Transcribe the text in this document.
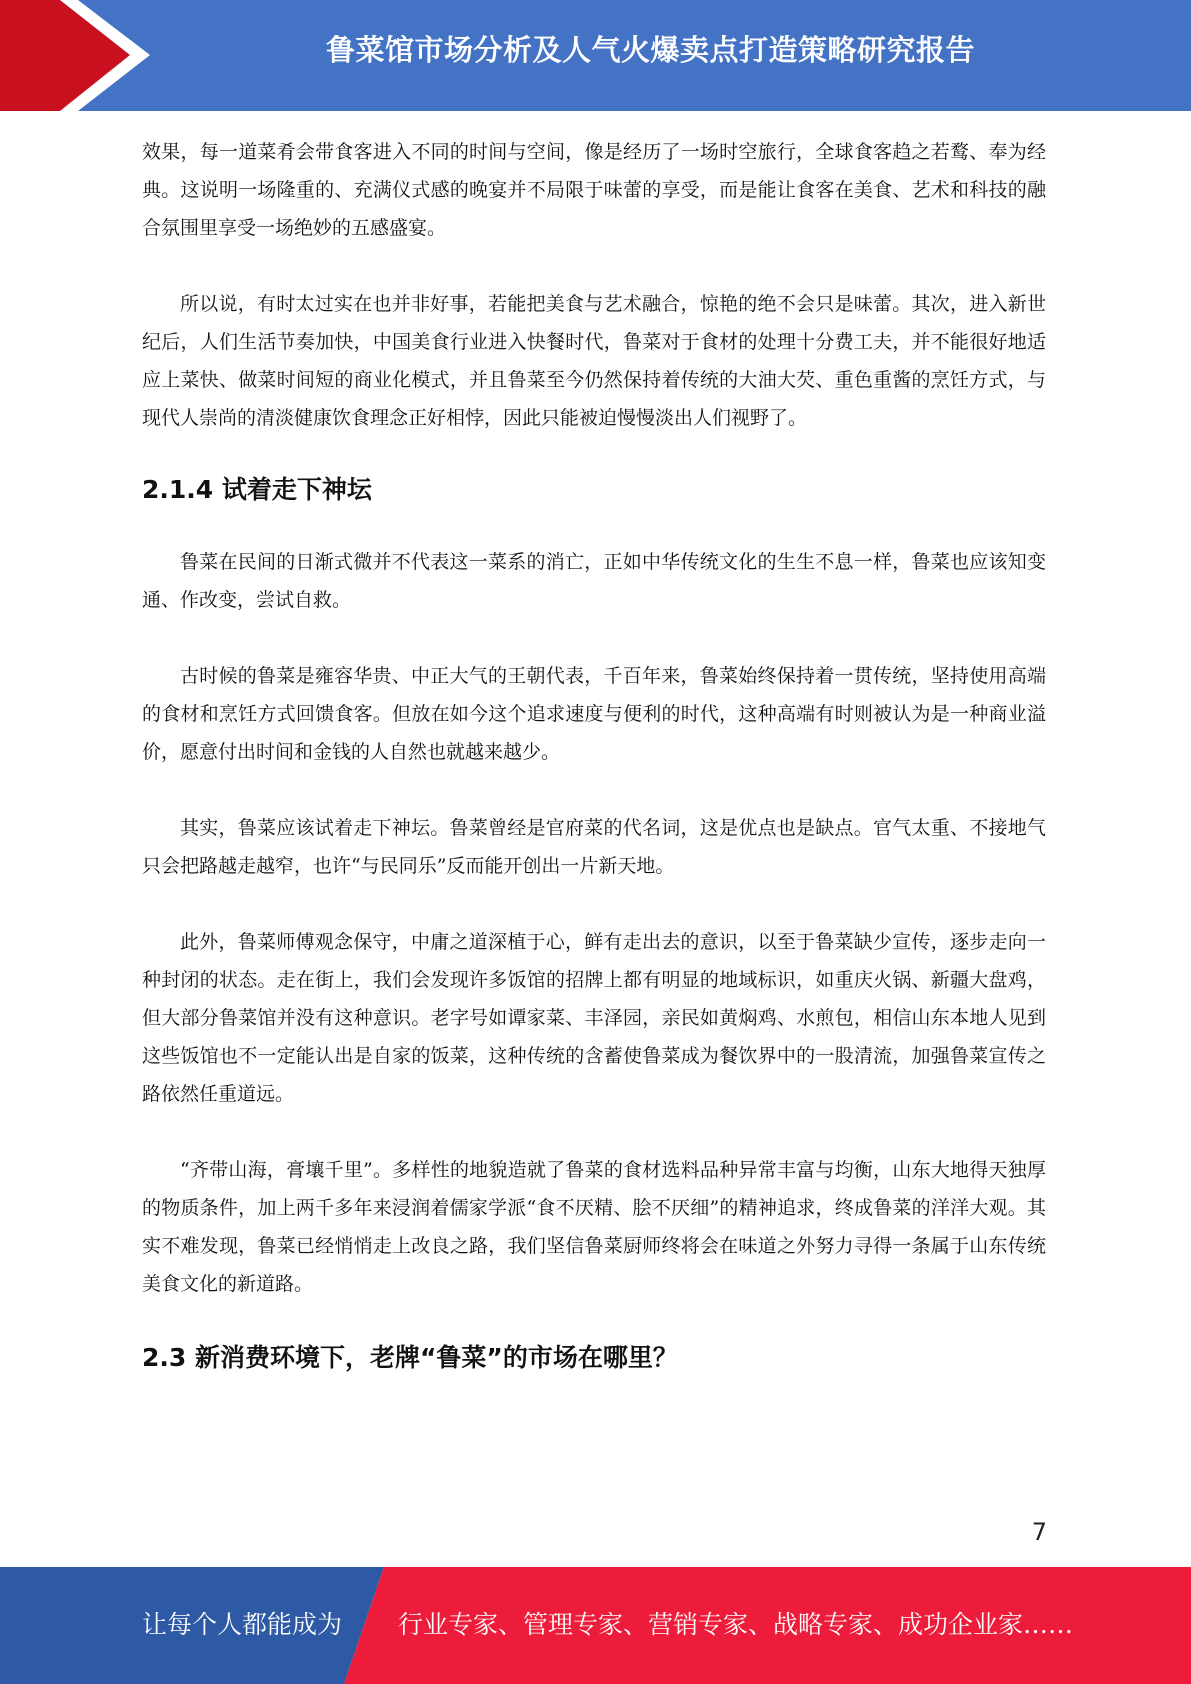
鲁菜馆市场分析及人气火爆卖点打造策略研究报告

效果，每一道菜肴会带食客进入不同的时间与空间，像是经历了一场时空旅行，全球食客趋之若鹜、奉为经典。这说明一场隆重的、充满仪式感的晚宴并不局限于味蕾的享受，而是能让食客在美食、艺术和科技的融合氛围里享受一场绝妙的五感盛宴。

所以说，有时太过实在也并非好事，若能把美食与艺术融合，惊艳的绝不会只是味蕾。其次，进入新世纪后，人们生活节奏加快，中国美食行业进入快餐时代，鲁菜对于食材的处理十分费工夫，并不能很好地适应上菜快、做菜时间短的商业化模式，并且鲁菜至今仍然保持着传统的大油大芡、重色重酱的烹饪方式，与现代人崇尚的清淡健康饮食理念正好相悖，因此只能被迫慢慢淡出人们视野了。

2.1.4 试着走下神坛

鲁菜在民间的日渐式微并不代表这一菜系的消亡，正如中华传统文化的生生不息一样，鲁菜也应该知变通、作改变，尝试自救。

古时候的鲁菜是雍容华贵、中正大气的王朝代表，千百年来，鲁菜始终保持着一贯传统，坚持使用高端的食材和烹饪方式回馈食客。但放在如今这个追求速度与便利的时代，这种高端有时则被认为是一种商业溢价，愿意付出时间和金钱的人自然也就越来越少。

其实，鲁菜应该试着走下神坛。鲁菜曾经是官府菜的代名词，这是优点也是缺点。官气太重、不接地气只会把路越走越窄，也许“与民同乐”反而能开创出一片新天地。

此外，鲁菜师傅观念保守，中庸之道深植于心，鲜有走出去的意识，以至于鲁菜缺少宣传，逐步走向一种封闭的状态。走在街上，我们会发现许多饭馆的招牌上都有明显的地域标识，如重庆火锅、新疆大盘鸡，但大部分鲁菜馆并没有这种意识。老字号如谭家菜、丰泽园，亲民如黄焖鸡、水煎包，相信山东本地人见到这些饭馆也不一定能认出是自家的饭菜，这种传统的含蓄使鲁菜成为餐饮界中的一股清流，加强鲁菜宣传之路依然任重道远。

“齐带山海，膏壤千里”。多样性的地貌造就了鲁菜的食材选料品种异常丰富与均衡，山东大地得天独厚的物质条件，加上两千多年来浸润着儒家学派“食不厌精、脍不厌细”的精神追求，终成鲁菜的洋洋大观。其实不难发现，鲁菜已经悄悄走上改良之路，我们坚信鲁菜厨师终将会在味道之外努力寻得一条属于山东传统美食文化的新道路。

2.3 新消费环境下，老牌“鲁菜”的市场在哪里？
7
让每个人都能成为 行业专家、管理专家、营销专家、战略专家、成功企业家……
